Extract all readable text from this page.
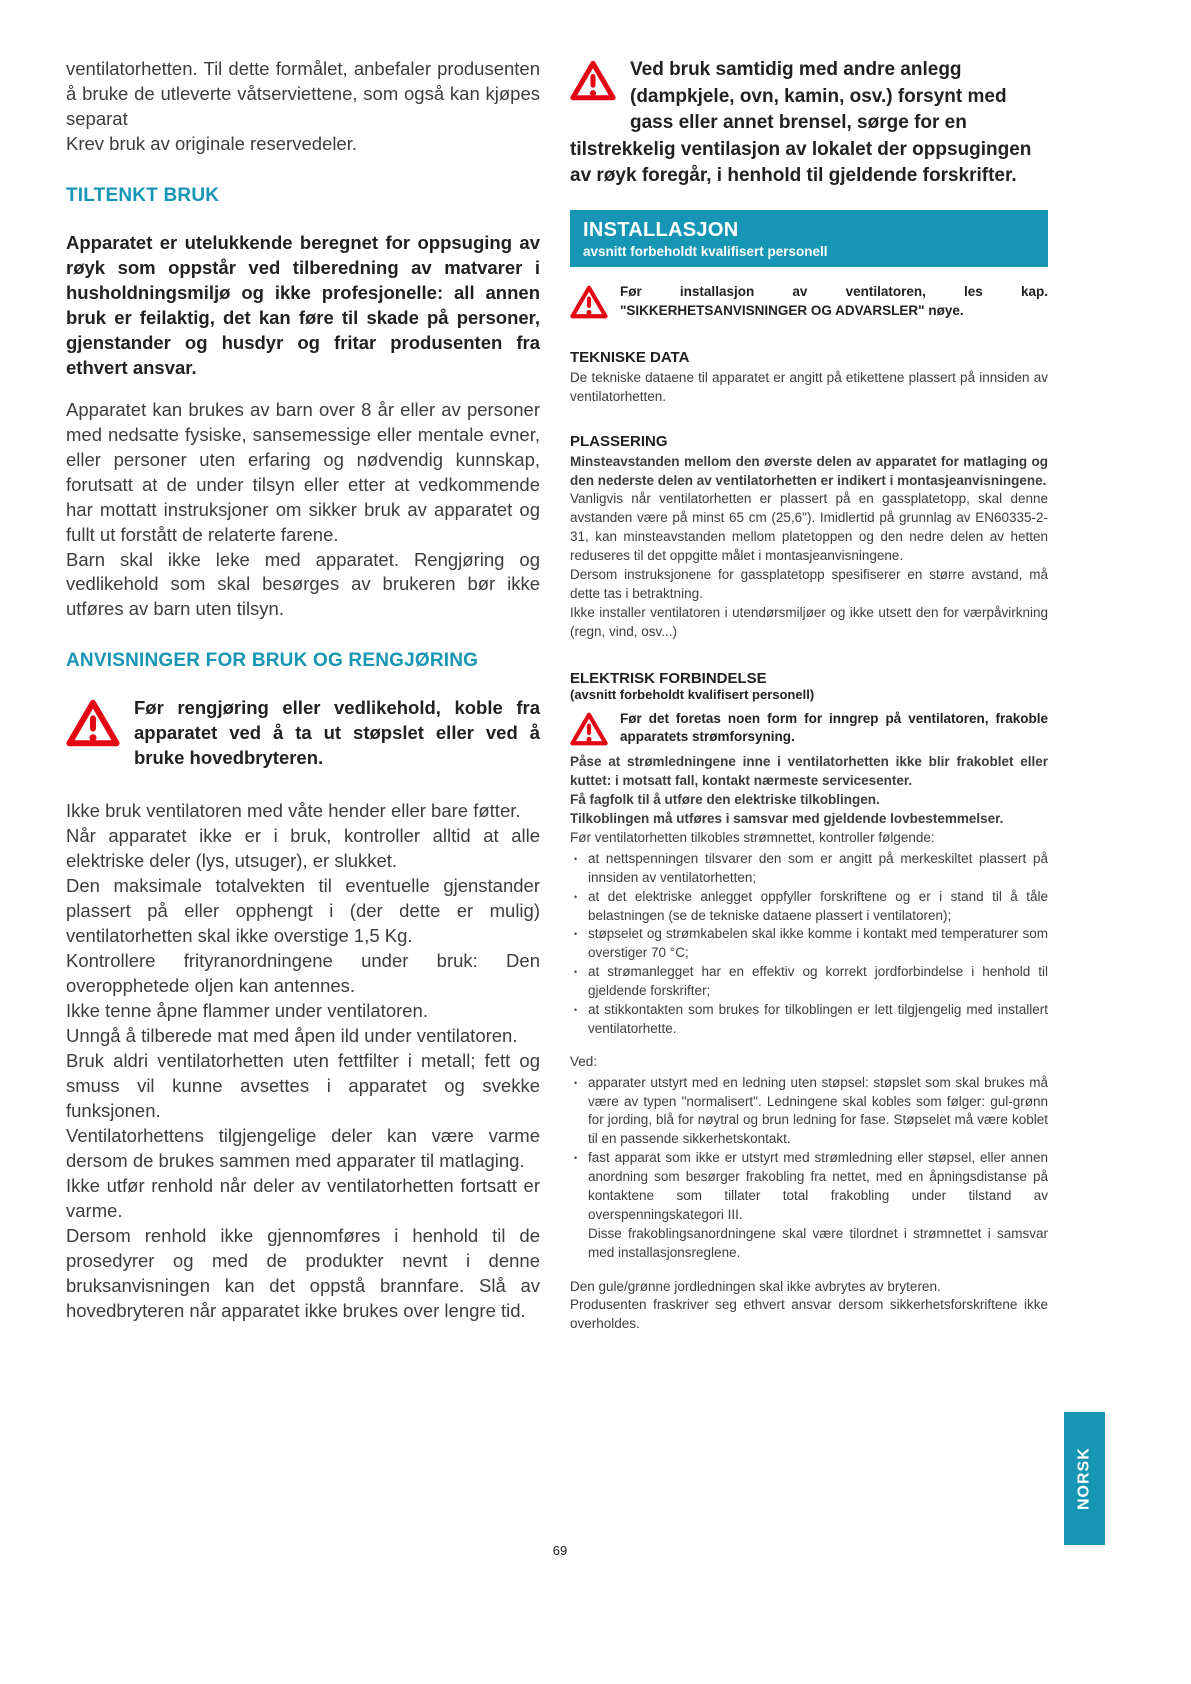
ventilatorhetten. Til dette formålet, anbefaler produsenten å bruke de utleverte våtserviettene, som også kan kjøpes separat

Krev bruk av originale reservedeler.

TILTENKT BRUK

Apparatet er utelukkende beregnet for oppsuging av røyk som oppstår ved tilberedning av matvarer i husholdningsmiljø og ikke profesjonelle: all annen bruk er feilaktig, det kan føre til skade på personer, gjenstander og husdyr og fritar produsenten fra ethvert ansvar.

Apparatet kan brukes av barn over 8 år eller av personer med nedsatte fysiske, sansemessige eller mentale evner, eller personer uten erfaring og nødvendig kunnskap, forutsatt at de under tilsyn eller etter at vedkommende har mottatt instruksjoner om sikker bruk av apparatet og fullt ut forstått de relaterte farene.

Barn skal ikke leke med apparatet. Rengjøring og vedlikehold som skal besørges av brukeren bør ikke utføres av barn uten tilsyn.

ANVISNINGER FOR BRUK OG RENGJØRING

Før rengjøring eller vedlikehold, koble fra apparatet ved å ta ut støpslet eller ved å bruke hovedbryteren.

Ikke bruk ventilatoren med våte hender eller bare føtter.

Når apparatet ikke er i bruk, kontroller alltid at alle elektriske deler (lys, utsuger), er slukket.

Den maksimale totalvekten til eventuelle gjenstander plassert på eller opphengt i (der dette er mulig) ventilatorhetten skal ikke overstige 1,5 Kg.

Kontrollere frityranordningene under bruk: Den overopphetede oljen kan antennes.

Ikke tenne åpne flammer under ventilatoren.

Unngå å tilberede mat med åpen ild under ventilatoren.

Bruk aldri ventilatorhetten uten fettfilter i metall; fett og smuss vil kunne avsettes i apparatet og svekke funksjonen.

Ventilatorhettens tilgjengelige deler kan være varme dersom de brukes sammen med apparater til matlaging.

Ikke utfør renhold når deler av ventilatorhetten fortsatt er varme.

Dersom renhold ikke gjennomføres i henhold til de prosedyrer og med de produkter nevnt i denne bruksanvisningen kan det oppstå brannfare. Slå av hovedbryteren når apparatet ikke brukes over lengre tid.

Ved bruk samtidig med andre anlegg (dampkjele, ovn, kamin, osv.) forsynt med gass eller annet brensel, sørge for en tilstrekkelig ventilasjon av lokalet der oppsugingen av røyk foregår, i henhold til gjeldende forskrifter.

INSTALLASJON

avsnitt forbeholdt kvalifisert personell

Før installasjon av ventilatoren, les kap. "SIKKERHETSANVISNINGER OG ADVARSLER" nøye.

TEKNISKE DATA

De tekniske dataene til apparatet er angitt på etikettene plassert på innsiden av ventilatorhetten.

PLASSERING

Minsteavstanden mellom den øverste delen av apparatet for matlaging og den nederste delen av ventilatorhetten er indikert i montasjeanvisningene.

Vanligvis når ventilatorhetten er plassert på en gassplatetopp, skal denne avstanden være på minst 65 cm (25,6"). Imidlertid på grunnlag av EN60335-2-31, kan minsteavstanden mellom platetoppen og den nedre delen av hetten reduseres til det oppgitte målet i montasjeanvisningene.

Dersom instruksjonene for gassplatetopp spesifiserer en større avstand, må dette tas i betraktning.

Ikke installer ventilatoren i utendørsmiljøer og ikke utsett den for værpåvirkning (regn, vind, osv...)

ELEKTRISK FORBINDELSE

(avsnitt forbeholdt kvalifisert personell)

Før det foretas noen form for inngrep på ventilatoren, frakoble apparatets strømforsyning.

Påse at strømledningene inne i ventilatorhetten ikke blir frakoblet eller kuttet: i motsatt fall, kontakt nærmeste servicesenter.

Få fagfolk til å utføre den elektriske tilkoblingen.

Tilkoblingen må utføres i samsvar med gjeldende lovbestemmelser.

Før ventilatorhetten tilkobles strømnettet, kontroller følgende:

• at nettspenningen tilsvarer den som er angitt på merkeskiltet plassert på innsiden av ventilatorhetten;
• at det elektriske anlegget oppfyller forskriftene og er i stand til å tåle belastningen (se de tekniske dataene plassert i ventilatoren);
• støpselet og strømkabelen skal ikke komme i kontakt med temperaturer som overstiger 70 °C;
• at strømanlegget har en effektiv og korrekt jordforbindelse i henhold til gjeldende forskrifter;
• at stikkontakten som brukes for tilkoblingen er lett tilgjengelig med installert ventilatorhette.

Ved:

• apparater utstyrt med en ledning uten støpsel: støpslet som skal brukes må være av typen "normalisert". Ledningene skal kobles som følger: gul-grønn for jording, blå for nøytral og brun ledning for fase. Støpselet må være koblet til en passende sikkerhetskontakt.
• fast apparat som ikke er utstyrt med strømledning eller støpsel, eller annen anordning som besørger frakobling fra nettet, med en åpningsdistanse på kontaktene som tillater total frakobling under tilstand av overspenningskategori III.

Disse frakoblingsanordningene skal være tilordnet i strømnettet i samsvar med installasjonsreglene.

Den gule/grønne jordledningen skal ikke avbrytes av bryteren.

Produsenten fraskriver seg ethvert ansvar dersom sikkerhetsforskriftene ikke overholdes.

69
NORSK
